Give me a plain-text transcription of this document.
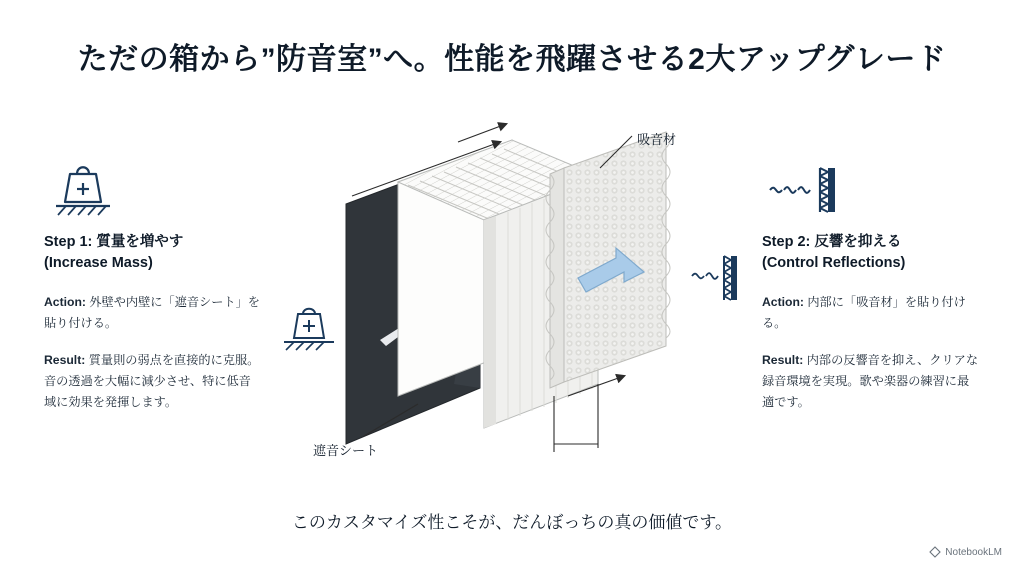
ただの箱から”防音室”へ。性能を飛躍させる2大アップグレード
Step 1: 質量を増やす
(Increase Mass)
Action: 外壁や内壁に「遮音シート」を貼り付ける。
Result: 質量則の弱点を直接的に克服。音の透過を大幅に減少させ、特に低音域に効果を発揮します。
Step 2: 反響を抑える
(Control Reflections)
Action: 内部に「吸音材」を貼り付ける。
Result: 内部の反響音を抑え、クリアな録音環境を実現。歌や楽器の練習に最適です。
吸音材
遮音シート
このカスタマイズ性こそが、だんぼっちの真の価値です。
NotebookLM
